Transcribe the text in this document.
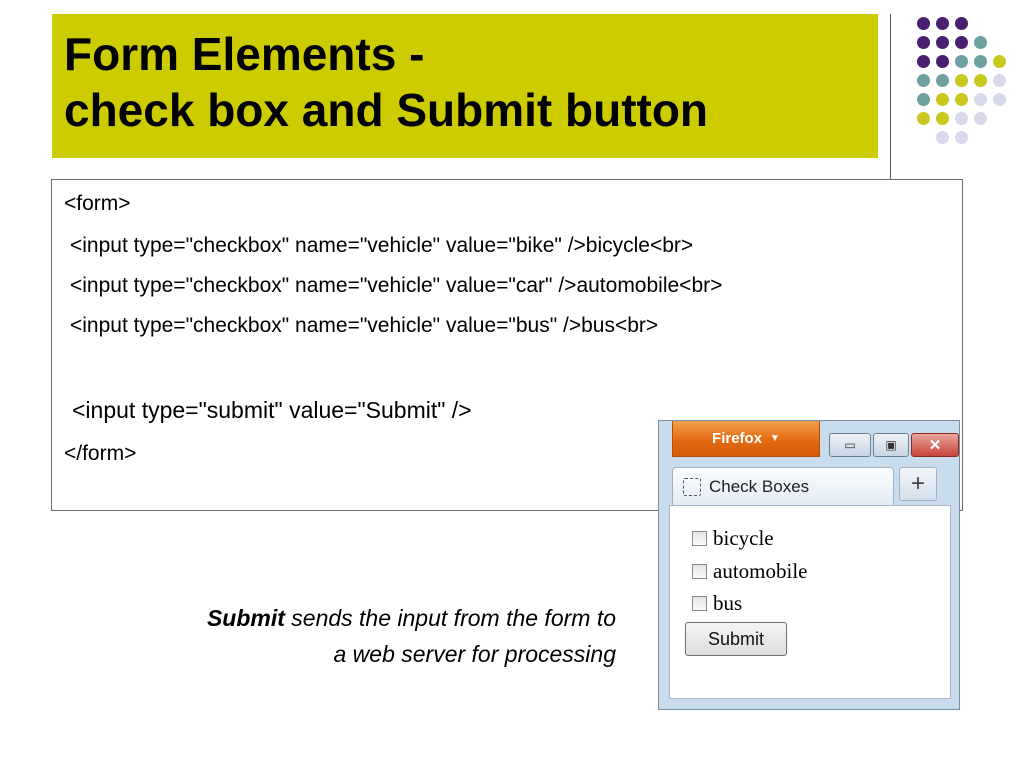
Form Elements -
check box and Submit button
<form>
<input type="checkbox" name="vehicle" value="bike" />bicycle<br>
<input type="checkbox" name="vehicle" value="car" />automobile<br>
<input type="checkbox" name="vehicle" value="bus" />bus<br>
<input type="submit" value="Submit" />
</form>
Submit sends the input from the form to a web server for processing
Firefox ▼	▭ ▣ ✕
Check Boxes	+
bicycle
automobile
bus
Submit
